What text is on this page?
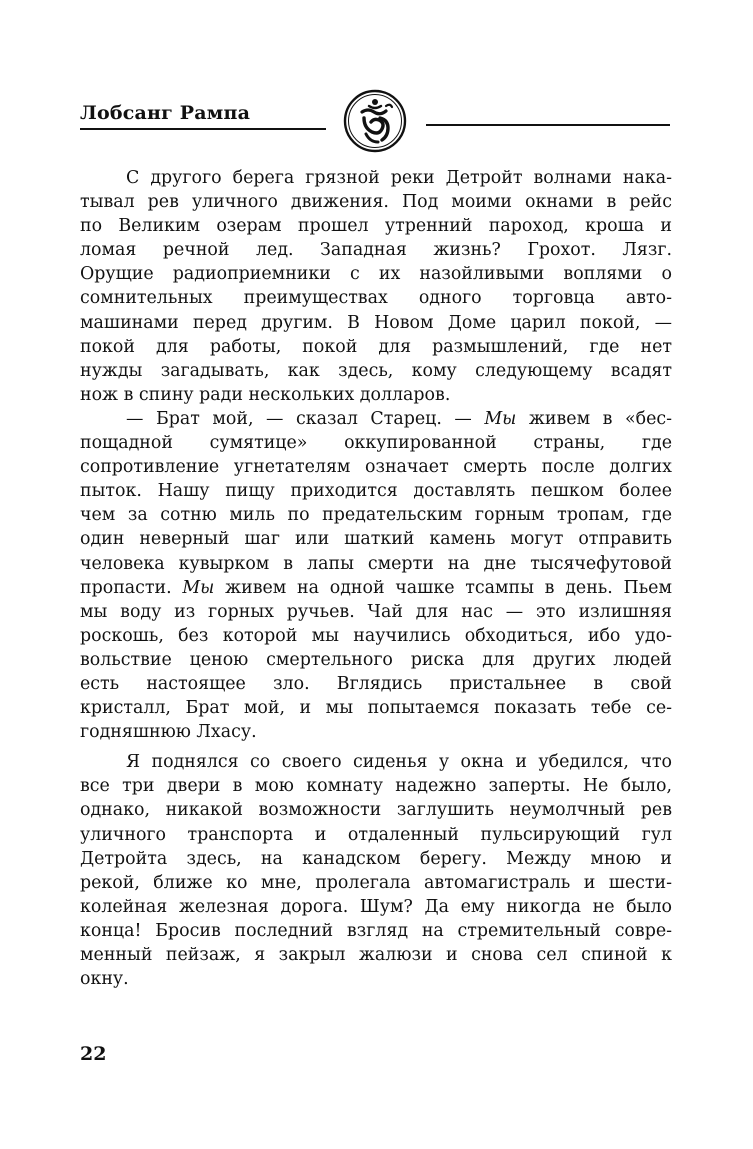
Лобсанг Рампа
С другого берега грязной реки Детройт волнами нака-
тывал рев уличного движения. Под моими окнами в рейс
по Великим озерам прошел утренний пароход, кроша и
ломая речной лед. Западная жизнь? Грохот. Лязг.
Орущие радиоприемники с их назойливыми воплями о
сомнительных преимуществах одного торговца авто-
машинами перед другим. В Новом Доме царил покой, —
покой для работы, покой для размышлений, где нет
нужды загадывать, как здесь, кому следующему всадят
нож в спину ради нескольких долларов.
— Брат мой, — сказал Старец. — Мы живем в «бес-
пощадной сумятице» оккупированной страны, где
сопротивление угнетателям означает смерть после долгих
пыток. Нашу пищу приходится доставлять пешком более
чем за сотню миль по предательским горным тропам, где
один неверный шаг или шаткий камень могут отправить
человека кувырком в лапы смерти на дне тысячефутовой
пропасти. Мы живем на одной чашке тсампы в день. Пьем
мы воду из горных ручьев. Чай для нас — это излишняя
роскошь, без которой мы научились обходиться, ибо удо-
вольствие ценою смертельного риска для других людей
есть настоящее зло. Вглядись пристальнее в свой
кристалл, Брат мой, и мы попытаемся показать тебе се-
годняшнюю Лхасу.
Я поднялся со своего сиденья у окна и убедился, что
все три двери в мою комнату надежно заперты. Не было,
однако, никакой возможности заглушить неумолчный рев
уличного транспорта и отдаленный пульсирующий гул
Детройта здесь, на канадском берегу. Между мною и
рекой, ближе ко мне, пролегала автомагистраль и шести-
колейная железная дорога. Шум? Да ему никогда не было
конца! Бросив последний взгляд на стремительный совре-
менный пейзаж, я закрыл жалюзи и снова сел спиной к
окну.
22
